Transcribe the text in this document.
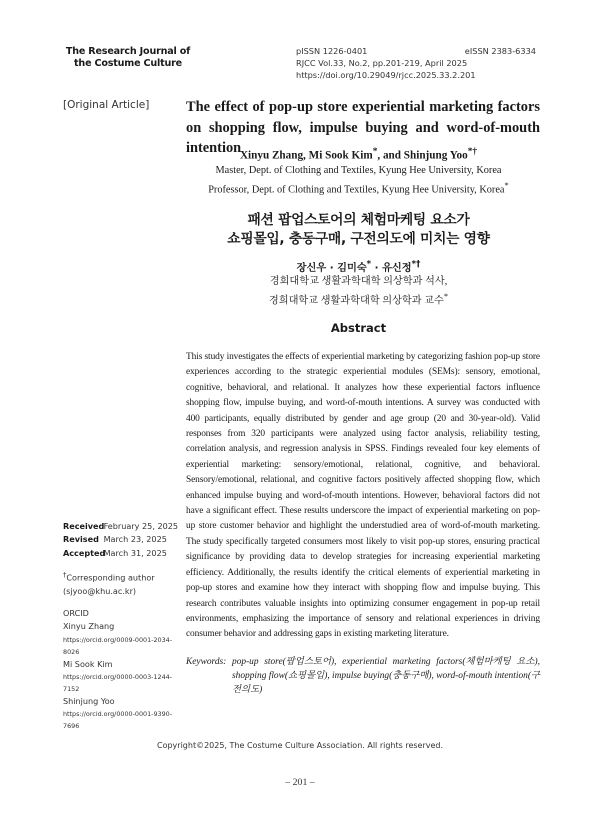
The Research Journal of
the Costume Culture
pISSN 1226-0401	eISSN 2383-6334
RJCC Vol.33, No.2, pp.201-219, April 2025
https://doi.org/10.29049/rjcc.2025.33.2.201
[Original Article]	The effect of pop-up store experiential marketing factors on shopping flow, impulse buying and word-of-mouth intention
Xinyu Zhang, Mi Sook Kim*, and Shinjung Yoo*†
Master, Dept. of Clothing and Textiles, Kyung Hee University, Korea
Professor, Dept. of Clothing and Textiles, Kyung Hee University, Korea*
패션 팝업스토어의 체험마케팅 요소가
쇼핑몰입, 충동구매, 구전의도에 미치는 영향
장신우 · 김미숙* · 유신정*†
경희대학교 생활과학대학 의상학과 석사,
경희대학교 생활과학대학 의상학과 교수*
Abstract
This study investigates the effects of experiential marketing by categorizing fashion pop-up store experiences according to the strategic experiential modules (SEMs): sensory, emotional, cognitive, behavioral, and relational. It analyzes how these experiential factors influence shopping flow, impulse buying, and word-of-mouth intentions. A survey was conducted with 400 participants, equally distributed by gender and age group (20 and 30-year-old). Valid responses from 320 participants were analyzed using factor analysis, reliability testing, correlation analysis, and regression analysis in SPSS. Findings revealed four key elements of experiential marketing: sensory/emotional, relational, cognitive, and behavioral. Sensory/emotional, relational, and cognitive factors positively affected shopping flow, which enhanced impulse buying and word-of-mouth intentions. However, behavioral factors did not have a significant effect. These results underscore the impact of experiential marketing on pop-up store customer behavior and highlight the understudied area of word-of-mouth marketing. The study specifically targeted consumers most likely to visit pop-up stores, ensuring practical significance by providing data to develop strategies for increasing experiential marketing efficiency. Additionally, the results identify the critical elements of experiential marketing in pop-up stores and examine how they interact with shopping flow and impulse buying. This research contributes valuable insights into optimizing consumer engagement in pop-up retail environments, emphasizing the importance of sensory and relational experiences in driving consumer behavior and addressing gaps in existing marketing literature.
Keywords: pop-up store(팝업스토어), experiential marketing factors(체험마케팅 요소), shopping flow(쇼핑몰입), impulse buying(충동구매), word-of-mouth intention(구전의도)
Received February 25, 2025
Revised March 23, 2025
Accepted March 31, 2025
†Corresponding author
(sjyoo@khu.ac.kr)
ORCID
Xinyu Zhang
https://orcid.org/0009-0001-2034-8026
Mi Sook Kim
https://orcid.org/0000-0003-1244-7152
Shinjung Yoo
https://orcid.org/0000-0001-9390-7696
Copyright©2025, The Costume Culture Association. All rights reserved.
– 201 –
